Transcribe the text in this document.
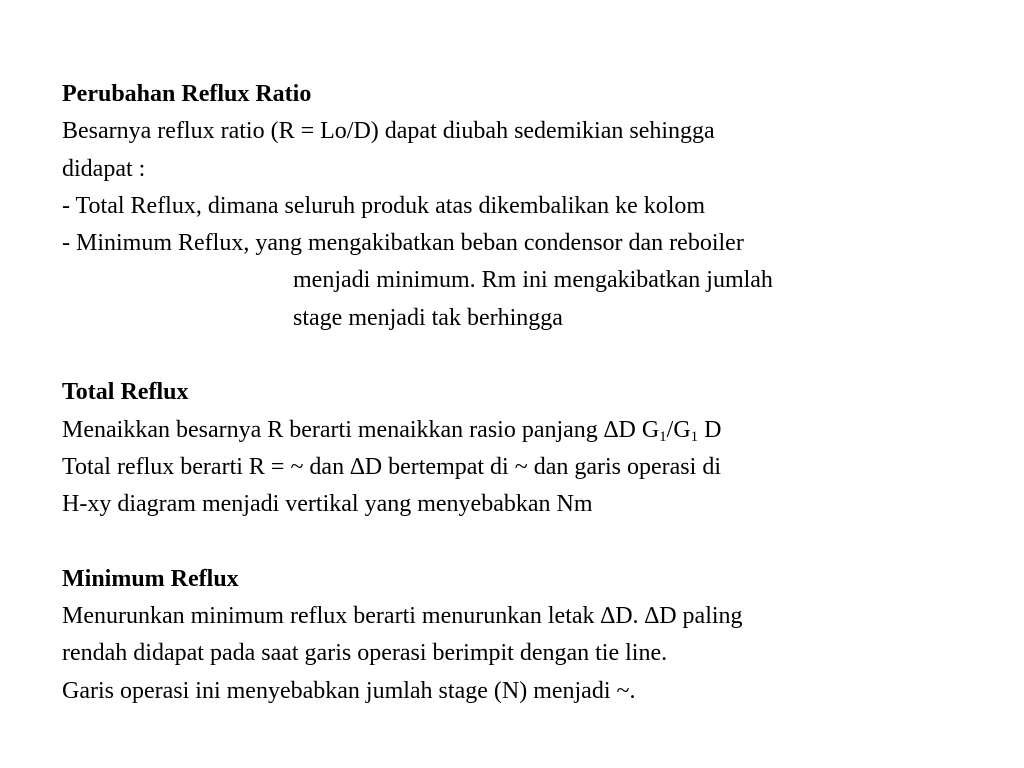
Perubahan Reflux Ratio

Besarnya reflux ratio (R = Lo/D) dapat diubah sedemikian sehingga

didapat :

- Total Reflux, dimana seluruh produk atas dikembalikan ke kolom

- Minimum Reflux, yang mengakibatkan beban condensor dan reboiler

menjadi minimum. Rm ini mengakibatkan jumlah

stage menjadi tak berhingga

Total Reflux

Menaikkan besarnya R berarti menaikkan rasio panjang ∆D $G_1/G_1$ D

Total reflux berarti R = ~ dan ∆D bertempat di ~ dan garis operasi di

H-xy diagram menjadi vertikal yang menyebabkan Nm

Minimum Reflux

Menurunkan minimum reflux berarti menurunkan letak ∆D. ∆D paling

rendah didapat pada saat garis operasi berimpit dengan tie line.

Garis operasi ini menyebabkan jumlah stage (N) menjadi ~.
